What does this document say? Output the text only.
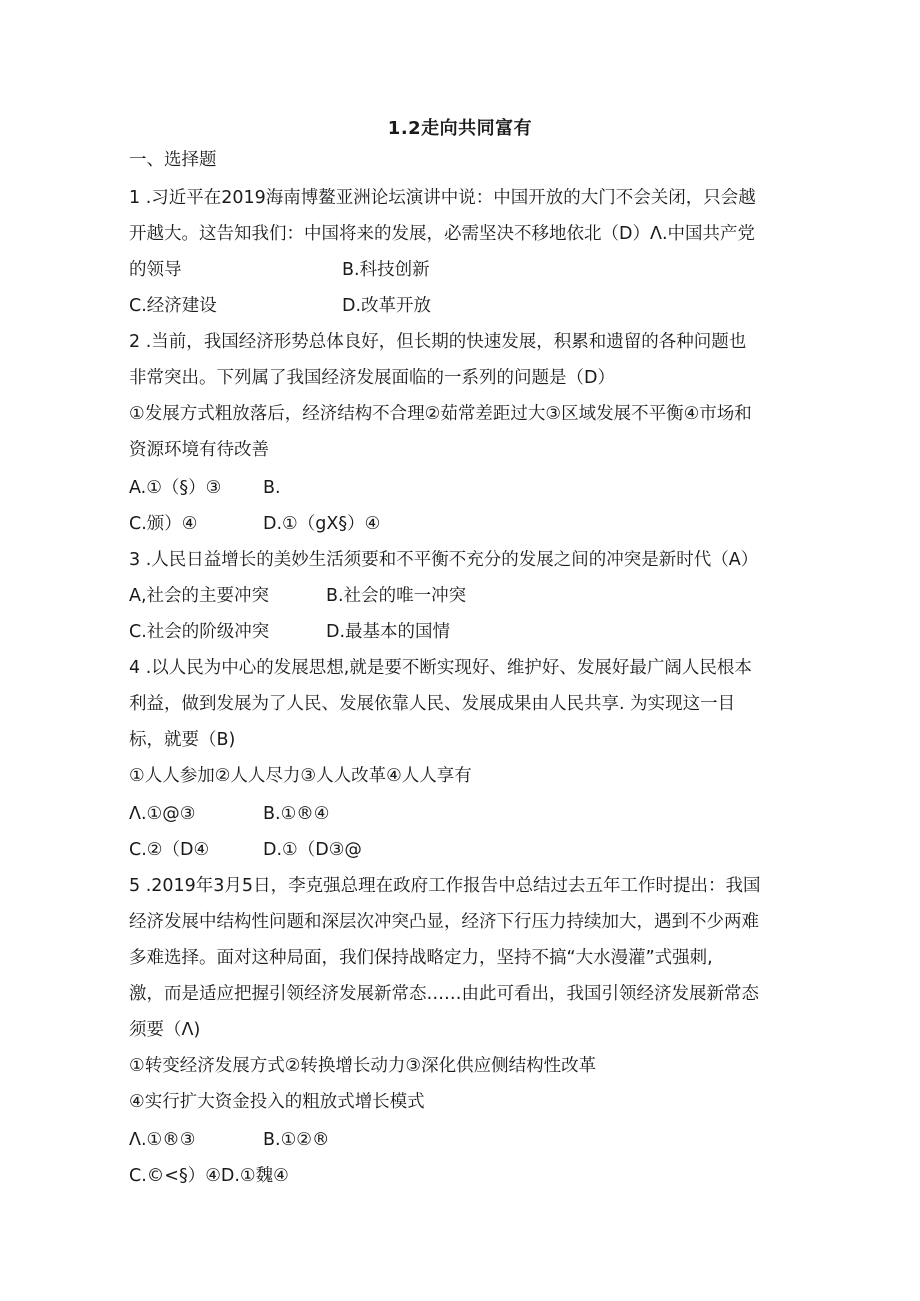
1.2走向共同富有
一、选择题
1 .习近平在2019海南博鳌亚洲论坛演讲中说：中国开放的大门不会关闭，只会越
开越大。这告知我们：中国将来的发展，必需坚决不移地依北（D）Λ.中国共产党
的领导	B.科技创新
C.经济建设	D.改革开放
2 .当前，我国经济形势总体良好，但长期的快速发展，积累和遗留的各种问题也
非常突出。下列属了我国经济发展面临的一系列的问题是（D）
①发展方式粗放落后，经济结构不合理②茹常差距过大③区域发展不平衡④市场和
资源环境有待改善
A.①（§）③ B.
C.颁）④	D.①（gX§）④
3 .人民日益增长的美妙生活须要和不平衡不充分的发展之间的冲突是新时代（A）
A,社会的主要冲突	B.社会的唯一冲突
C.社会的阶级冲突	D.最基本的国情
4 .以人民为中心的发展思想,就是要不断实现好、维护好、发展好最广阔人民根本
利益，做到发展为了人民、发展依靠人民、发展成果由人民共享. 为实现这一目
标，就要（B)
①人人参加②人人尽力③人人改革④人人享有
Λ.①@③	B.①®④
C.②（D④	D.①（D③@
5 .2019年3月5日，李克强总理在政府工作报告中总结过去五年工作时提出：我国
经济发展中结构性问题和深层次冲突凸显，经济下行压力持续加大，遇到不少两难
多难选择。面对这种局面，我们保持战略定力，坚持不搞“大水漫灌”式强刺,
激，而是适应把握引领经济发展新常态……由此可看出，我国引领经济发展新常态
须要（Λ)
①转变经济发展方式②转换增长动力③深化供应侧结构性改革
④实行扩大资金投入的粗放式增长模式
Λ.①®③	B.①②®
C.©<§）④D.①魏④
